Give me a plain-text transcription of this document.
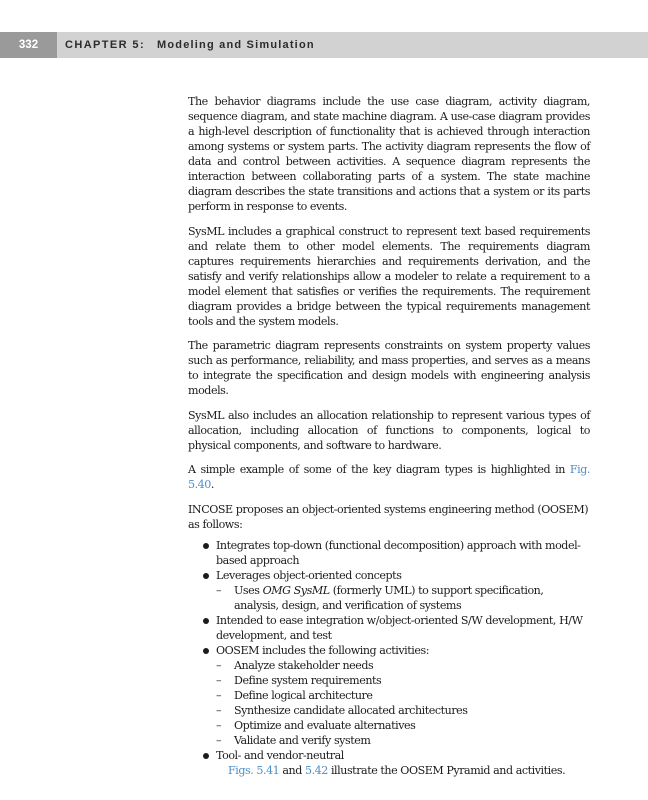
332	CHAPTER 5: Modeling and Simulation

The behavior diagrams include the use case diagram, activity diagram, sequence diagram, and state machine diagram. A use-case diagram provides a high-level description of functionality that is achieved through interaction among systems or system parts. The activity diagram represents the flow of data and control between activities. A sequence diagram represents the interaction between collaborating parts of a system. The state machine diagram describes the state transitions and actions that a system or its parts perform in response to events.

SysML includes a graphical construct to represent text based requirements and relate them to other model elements. The requirements diagram captures requirements hierarchies and requirements derivation, and the satisfy and verify relationships allow a modeler to relate a requirement to a model element that satisfies or verifies the requirements. The requirement diagram provides a bridge between the typical requirements management tools and the system models.

The parametric diagram represents constraints on system property values such as performance, reliability, and mass properties, and serves as a means to integrate the specification and design models with engineering analysis models.

SysML also includes an allocation relationship to represent various types of allocation, including allocation of functions to components, logical to physical components, and software to hardware.

A simple example of some of the key diagram types is highlighted in Fig. 5.40.

INCOSE proposes an object-oriented systems engineering method (OOSEM) as follows:

Integrates top-down (functional decomposition) approach with model-based approach
Leverages object-oriented concepts
– Uses OMG SysML (formerly UML) to support specification, analysis, design, and verification of systems
Intended to ease integration w/object-oriented S/W development, H/W development, and test
OOSEM includes the following activities:
– Analyze stakeholder needs
– Define system requirements
– Define logical architecture
– Synthesize candidate allocated architectures
– Optimize and evaluate alternatives
– Validate and verify system
Tool- and vendor-neutral
Figs. 5.41 and 5.42 illustrate the OOSEM Pyramid and activities.
